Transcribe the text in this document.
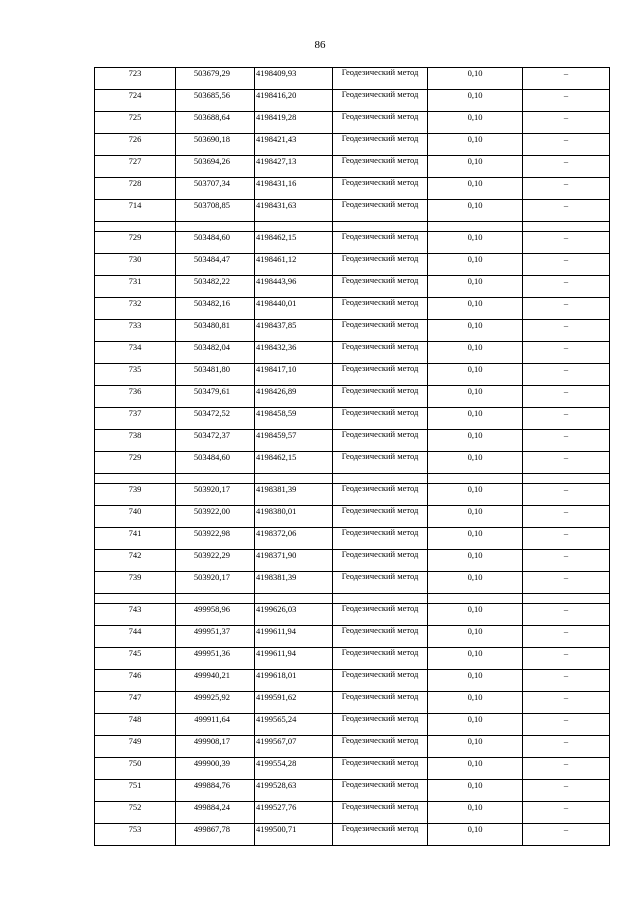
86
723	503679,29	4198409,93	Геодезический метод	0,10	–
724	503685,56	4198416,20	Геодезический метод	0,10	–
725	503688,64	4198419,28	Геодезический метод	0,10	–
726	503690,18	4198421,43	Геодезический метод	0,10	–
727	503694,26	4198427,13	Геодезический метод	0,10	–
728	503707,34	4198431,16	Геодезический метод	0,10	–
714	503708,85	4198431,63	Геодезический метод	0,10	–

729	503484,60	4198462,15	Геодезический метод	0,10	–
730	503484,47	4198461,12	Геодезический метод	0,10	–
731	503482,22	4198443,96	Геодезический метод	0,10	–
732	503482,16	4198440,01	Геодезический метод	0,10	–
733	503480,81	4198437,85	Геодезический метод	0,10	–
734	503482,04	4198432,36	Геодезический метод	0,10	–
735	503481,80	4198417,10	Геодезический метод	0,10	–
736	503479,61	4198426,89	Геодезический метод	0,10	–
737	503472,52	4198458,59	Геодезический метод	0,10	–
738	503472,37	4198459,57	Геодезический метод	0,10	–
729	503484,60	4198462,15	Геодезический метод	0,10	–

739	503920,17	4198381,39	Геодезический метод	0,10	–
740	503922,00	4198380,01	Геодезический метод	0,10	–
741	503922,98	4198372,06	Геодезический метод	0,10	–
742	503922,29	4198371,90	Геодезический метод	0,10	–
739	503920,17	4198381,39	Геодезический метод	0,10	–

743	499958,96	4199626,03	Геодезический метод	0,10	–
744	499951,37	4199611,94	Геодезический метод	0,10	–
745	499951,36	4199611,94	Геодезический метод	0,10	–
746	499940,21	4199618,01	Геодезический метод	0,10	–
747	499925,92	4199591,62	Геодезический метод	0,10	–
748	499911,64	4199565,24	Геодезический метод	0,10	–
749	499908,17	4199567,07	Геодезический метод	0,10	–
750	499900,39	4199554,28	Геодезический метод	0,10	–
751	499884,76	4199528,63	Геодезический метод	0,10	–
752	499884,24	4199527,76	Геодезический метод	0,10	–
753	499867,78	4199500,71	Геодезический метод	0,10	–
